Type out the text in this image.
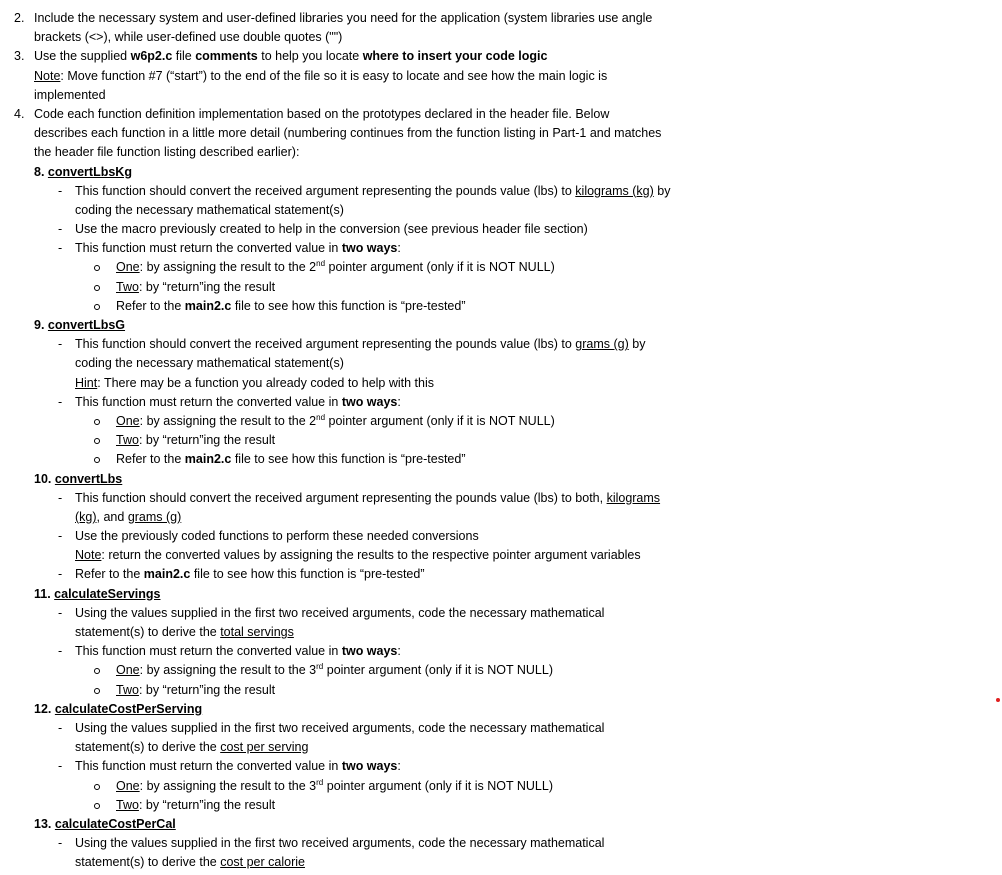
2. Include the necessary system and user-defined libraries you need for the application (system libraries use angle
brackets (<>), while user-defined use double quotes ("")
3. Use the supplied w6p2.c file comments to help you locate where to insert your code logic
Note: Move function #7 (“start”) to the end of the file so it is easy to locate and see how the main logic is
implemented
4. Code each function definition implementation based on the prototypes declared in the header file. Below
describes each function in a little more detail (numbering continues from the function listing in Part-1 and matches
the header file function listing described earlier):
8. convertLbsKg
- This function should convert the received argument representing the pounds value (lbs) to kilograms (kg) by
coding the necessary mathematical statement(s)
- Use the macro previously created to help in the conversion (see previous header file section)
- This function must return the converted value in two ways:
One: by assigning the result to the 2nd pointer argument (only if it is NOT NULL)
Two: by “return”ing the result
Refer to the main2.c file to see how this function is “pre-tested”
9. convertLbsG
- This function should convert the received argument representing the pounds value (lbs) to grams (g) by
coding the necessary mathematical statement(s)
Hint: There may be a function you already coded to help with this
- This function must return the converted value in two ways:
One: by assigning the result to the 2nd pointer argument (only if it is NOT NULL)
Two: by “return”ing the result
Refer to the main2.c file to see how this function is “pre-tested”
10. convertLbs
- This function should convert the received argument representing the pounds value (lbs) to both, kilograms
(kg), and grams (g)
- Use the previously coded functions to perform these needed conversions
Note: return the converted values by assigning the results to the respective pointer argument variables
- Refer to the main2.c file to see how this function is “pre-tested”
11. calculateServings
- Using the values supplied in the first two received arguments, code the necessary mathematical
statement(s) to derive the total servings
- This function must return the converted value in two ways:
One: by assigning the result to the 3rd pointer argument (only if it is NOT NULL)
Two: by “return”ing the result
12. calculateCostPerServing
- Using the values supplied in the first two received arguments, code the necessary mathematical
statement(s) to derive the cost per serving
- This function must return the converted value in two ways:
One: by assigning the result to the 3rd pointer argument (only if it is NOT NULL)
Two: by “return”ing the result
13. calculateCostPerCal
- Using the values supplied in the first two received arguments, code the necessary mathematical
statement(s) to derive the cost per calorie
